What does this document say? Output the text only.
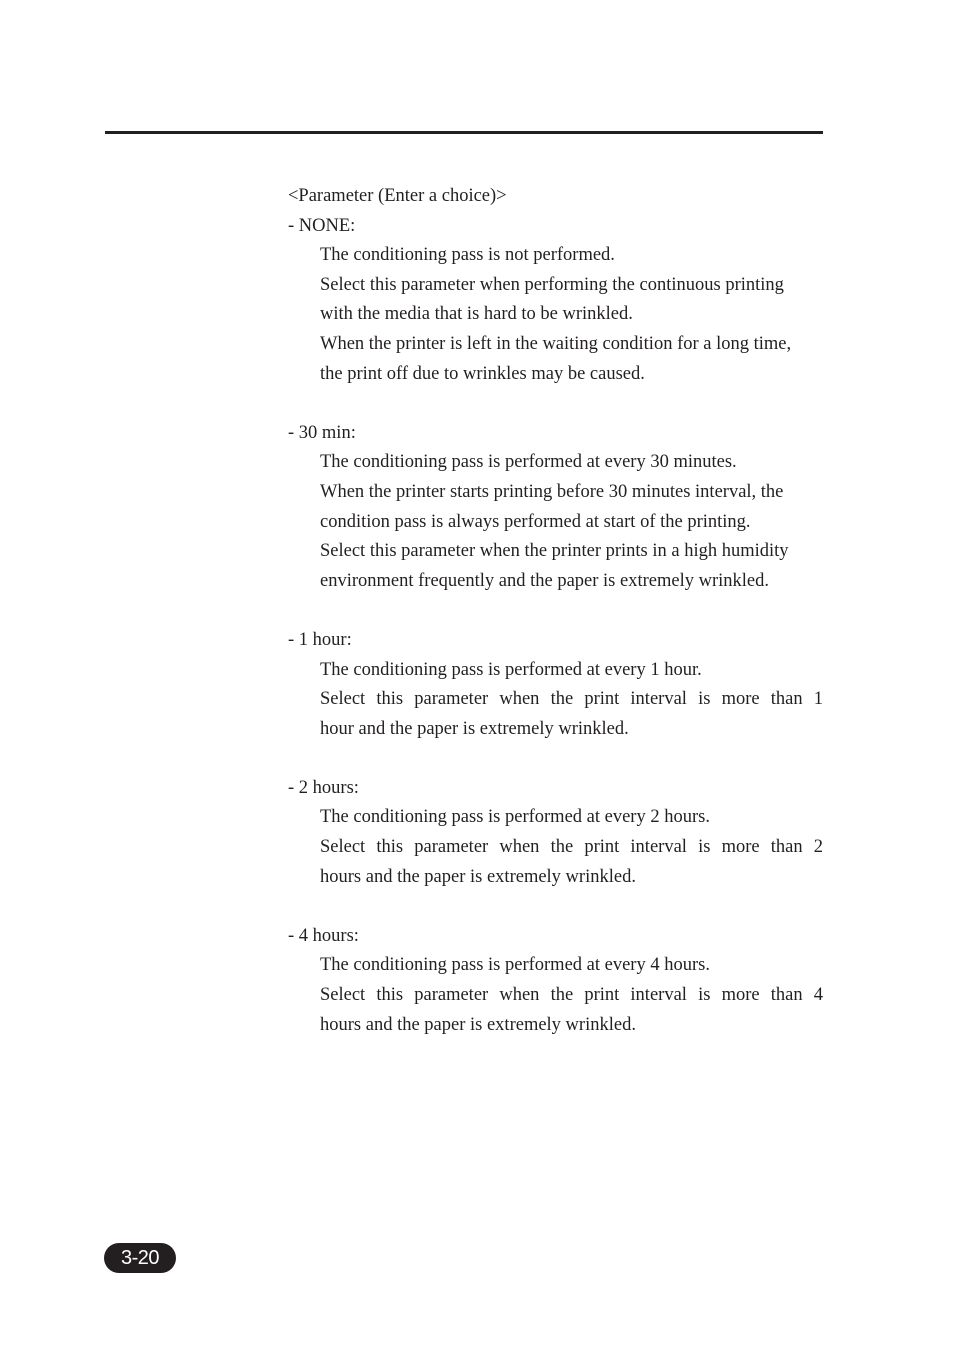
<Parameter (Enter a choice)>
- NONE:
The conditioning pass is not performed.
Select this parameter when performing the continuous printing
with the media that is hard to be wrinkled.
When the printer is left in the waiting condition for a long time,
the print off due to wrinkles may be caused.
- 30 min:
The conditioning pass is performed at every 30 minutes.
When the printer starts printing before 30 minutes interval, the
condition pass is always performed at start of the printing.
Select this parameter when the printer prints in a high humidity
environment frequently and the paper is extremely wrinkled.
- 1 hour:
The conditioning pass is performed at every 1 hour.
Select this parameter when the print interval is more than 1
hour and the paper is extremely wrinkled.
- 2 hours:
The conditioning pass is performed at every 2 hours.
Select this parameter when the print interval is more than 2
hours and the paper is extremely wrinkled.
- 4 hours:
The conditioning pass is performed at every 4 hours.
Select this parameter when the print interval is more than 4
hours and the paper is extremely wrinkled.
3-20
